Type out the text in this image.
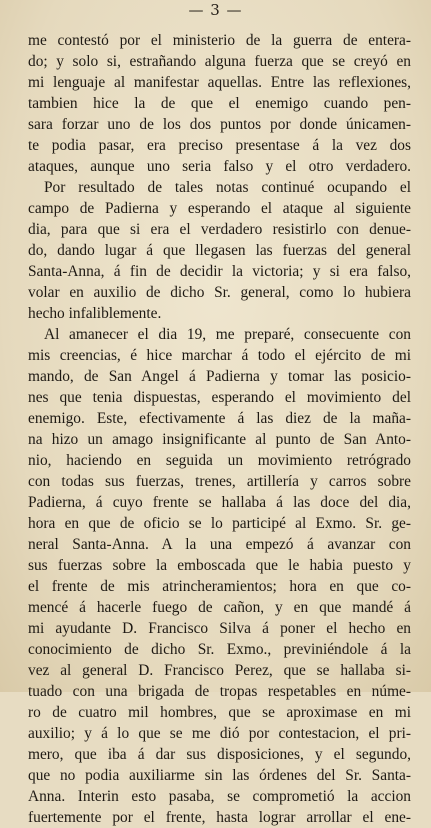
— 3 —
me contestó por el ministerio de la guerra de entera-
do; y solo si, estrañando alguna fuerza que se creyó en
mi lenguaje al manifestar aquellas. Entre las reflexiones,
tambien hice la de que el enemigo cuando pen-
sara forzar uno de los dos puntos por donde únicamen-
te podia pasar, era preciso presentase á la vez dos
ataques, aunque uno seria falso y el otro verdadero.
Por resultado de tales notas continué ocupando el
campo de Padierna y esperando el ataque al siguiente
dia, para que si era el verdadero resistirlo con denue-
do, dando lugar á que llegasen las fuerzas del general
Santa-Anna, á fin de decidir la victoria; y si era falso,
volar en auxilio de dicho Sr. general, como lo hubiera
hecho infaliblemente.
Al amanecer el dia 19, me preparé, consecuente con
mis creencias, é hice marchar á todo el ejército de mi
mando, de San Angel á Padierna y tomar las posicio-
nes que tenia dispuestas, esperando el movimiento del
enemigo. Este, efectivamente á las diez de la maña-
na hizo un amago insignificante al punto de San Anto-
nio, haciendo en seguida un movimiento retrógrado
con todas sus fuerzas, trenes, artillería y carros sobre
Padierna, á cuyo frente se hallaba á las doce del dia,
hora en que de oficio se lo participé al Exmo. Sr. ge-
neral Santa-Anna. A la una empezó á avanzar con
sus fuerzas sobre la emboscada que le habia puesto y
el frente de mis atrincheramientos; hora en que co-
mencé á hacerle fuego de cañon, y en que mandé á
mi ayudante D. Francisco Silva á poner el hecho en
conocimiento de dicho Sr. Exmo., previniéndole á la
vez al general D. Francisco Perez, que se hallaba si-
tuado con una brigada de tropas respetables en núme-
ro de cuatro mil hombres, que se aproximase en mi
auxilio; y á lo que se me dió por contestacion, el pri-
mero, que iba á dar sus disposiciones, y el segundo,
que no podia auxiliarme sin las órdenes del Sr. Santa-
Anna. Interin esto pasaba, se comprometió la accion
fuertemente por el frente, hasta lograr arrollar el ene-
